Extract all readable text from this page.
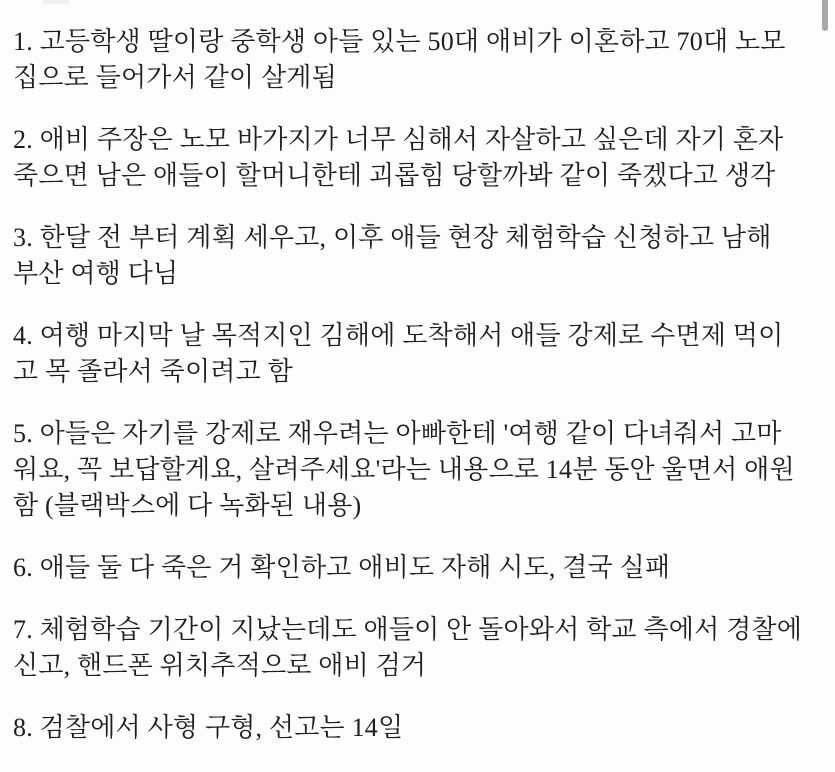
1. 고등학생 딸이랑 중학생 아들 있는 50대 애비가 이혼하고 70대 노모 집으로 들어가서 같이 살게됨

2. 애비 주장은 노모 바가지가 너무 심해서 자살하고 싶은데 자기 혼자 죽으면 남은 애들이 할머니한테 괴롭힘 당할까봐 같이 죽겠다고 생각

3. 한달 전 부터 계획 세우고, 이후 애들 현장 체험학습 신청하고 남해 부산 여행 다님

4. 여행 마지막 날 목적지인 김해에 도착해서 애들 강제로 수면제 먹이고 목 졸라서 죽이려고 함

5. 아들은 자기를 강제로 재우려는 아빠한테 '여행 같이 다녀줘서 고마워요, 꼭 보답할게요, 살려주세요'라는 내용으로 14분 동안 울면서 애원함 (블랙박스에 다 녹화된 내용)

6. 애들 둘 다 죽은 거 확인하고 애비도 자해 시도, 결국 실패

7. 체험학습 기간이 지났는데도 애들이 안 돌아와서 학교 측에서 경찰에 신고, 핸드폰 위치추적으로 애비 검거

8. 검찰에서 사형 구형, 선고는 14일
